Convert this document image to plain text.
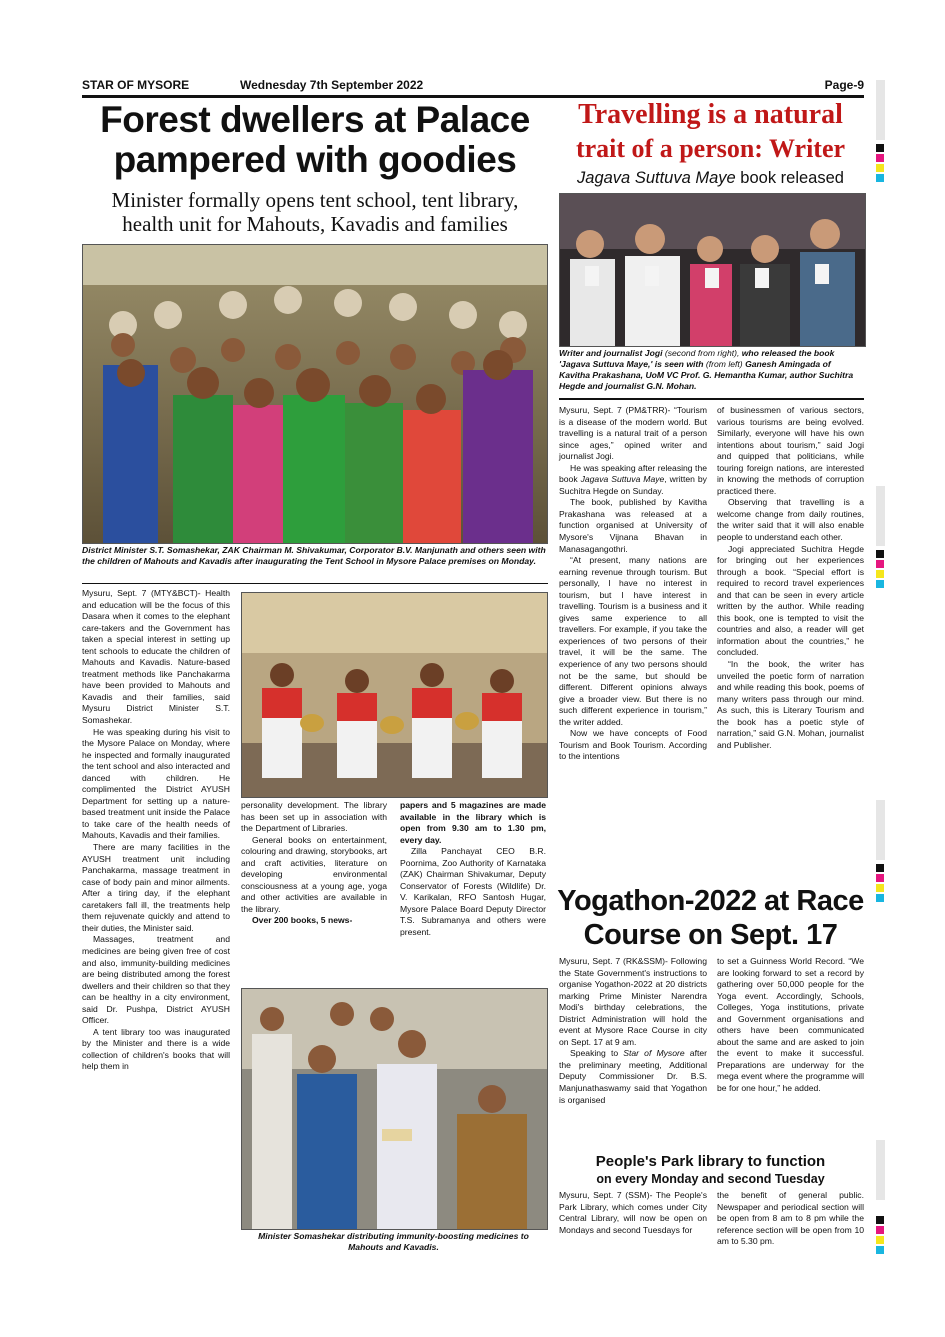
STAR OF MYSORE	Wednesday 7th September 2022	Page-9
Forest dwellers at Palace
pampered with goodies
Minister formally opens tent school, tent library,
health unit for Mahouts, Kavadis and families
District Minister S.T. Somashekar, ZAK Chairman M. Shivakumar, Corporator B.V. Manjunath and others seen with the children of Mahouts and Kavadis after inaugurating the Tent School in Mysore Palace premises on Monday.

Mysuru, Sept. 7 (MTY&BCT)- Health and education will be the focus of this Dasara when it comes to the elephant care-takers and the Government has taken a special interest in setting up tent schools to educate the children of Mahouts and Kavadis. Nature-based treatment methods like Panchakarma have been provided to Mahouts and Kavadis and their families, said Mysuru District Minister S.T. Somashekar.

He was speaking during his visit to the Mysore Palace on Monday, where he inspected and formally inaugurated the tent school and also interacted and danced with children. He complimented the District AYUSH Department for setting up a nature-based treatment unit inside the Palace to take care of the health needs of Mahouts, Kavadis and their families.

There are many facilities in the AYUSH treatment unit including Panchakarma, massage treatment in case of body pain and minor ailments. After a tiring day, if the elephant caretakers fall ill, the treatments help them rejuvenate quickly and attend to their duties, the Minister said.

Massages, treatment and medicines are being given free of cost and also, immunity-building medicines are being distributed among the forest dwellers and their children so that they can be healthy in a city environment, said Dr. Pushpa, District AYUSH Officer.

A tent library too was inaugurated by the Minister and there is a wide collection of children's books that will help them in

personality development. The library has been set up in association with the Department of Libraries.

General books on entertainment, colouring and drawing, storybooks, art and craft activities, literature on developing environmental consciousness at a young age, yoga and other activities are available in the library.

Over 200 books, 5 news-

papers and 5 magazines are made available in the library which is open from 9.30 am to 1.30 pm, every day.

Zilla Panchayat CEO B.R. Poornima, Zoo Authority of Karnataka (ZAK) Chairman Shivakumar, Deputy Conservator of Forests (Wildlife) Dr. V. Karikalan, RFO Santosh Hugar, Mysore Palace Board Deputy Director T.S. Subramanya and others were present.

Minister Somashekar distributing immunity-boosting medicines to Mahouts and Kavadis.
Travelling is a natural
trait of a person: Writer
Jagava Suttuva Maye book released
Writer and journalist Jogi (second from right), who released the book 'Jagava Suttuva Maye,' is seen with (from left) Ganesh Amingada of Kavitha Prakashana, UoM VC Prof. G. Hemantha Kumar, author Suchitra Hegde and journalist G.N. Mohan.

Mysuru, Sept. 7 (PM&TRR)- “Tourism is a disease of the modern world. But travelling is a natural trait of a person since ages,” opined writer and journalist Jogi.

He was speaking after releasing the book Jagava Suttuva Maye, written by Suchitra Hegde on Sunday.

The book, published by Kavitha Prakashana was released at a function organised at University of Mysore's Vijnana Bhavan in Manasagangothri.

“At present, many nations are earning revenue through tourism. But personally, I have no interest in tourism, but I have interest in travelling. Tourism is a business and it gives same experience to all travellers. For example, if you take the experiences of two persons of their travel, it will be the same. The experience of any two persons should not be the same, but should be different. Different opinions always give a broader view. But there is no such different experience in tourism,” the writer added.

Now we have concepts of Food Tourism and Book Tourism. According to the intentions

of businessmen of various sectors, various tourisms are being evolved. Similarly, everyone will have his own intentions about tourism,” said Jogi and quipped that politicians, while touring foreign nations, are interested in knowing the methods of corruption practiced there.

Observing that travelling is a welcome change from daily routines, the writer said that it will also enable people to understand each other.

Jogi appreciated Suchitra Hegde for bringing out her experiences through a book. “Special effort is required to record travel experiences and that can be seen in every article written by the author. While reading this book, one is tempted to visit the countries and also, a reader will get information about the countries,” he concluded.

“In the book, the writer has unveiled the poetic form of narration and while reading this book, poems of many writers pass through our mind. As such, this is Literary Tourism and the book has a poetic style of narration,” said G.N. Mohan, journalist and Publisher.

Yogathon-2022 at Race
Course on Sept. 17

Mysuru, Sept. 7 (RK&SSM)- Following the State Government's instructions to organise Yogathon-2022 at 20 districts marking Prime Minister Narendra Modi's birthday celebrations, the District Administration will hold the event at Mysore Race Course in city on Sept. 17 at 9 am.

Speaking to Star of Mysore after the preliminary meeting, Additional Deputy Commissioner Dr. B.S. Manjunathaswamy said that Yogathon is organised

to set a Guinness World Record. “We are looking forward to set a record by gathering over 50,000 people for the Yoga event. Accordingly, Schools, Colleges, Yoga institutions, private and Government organisations and others have been communicated about the same and are asked to join the event to make it successful. Preparations are underway for the mega event where the programme will be for one hour,” he added.

People's Park library to function
on every Monday and second Tuesday

Mysuru, Sept. 7 (SSM)- The People's Park Library, which comes under City Central Library, will now be open on Mondays and second Tuesdays for

the benefit of general public. Newspaper and periodical section will be open from 8 am to 8 pm while the reference section will be open from 10 am to 5.30 pm.
